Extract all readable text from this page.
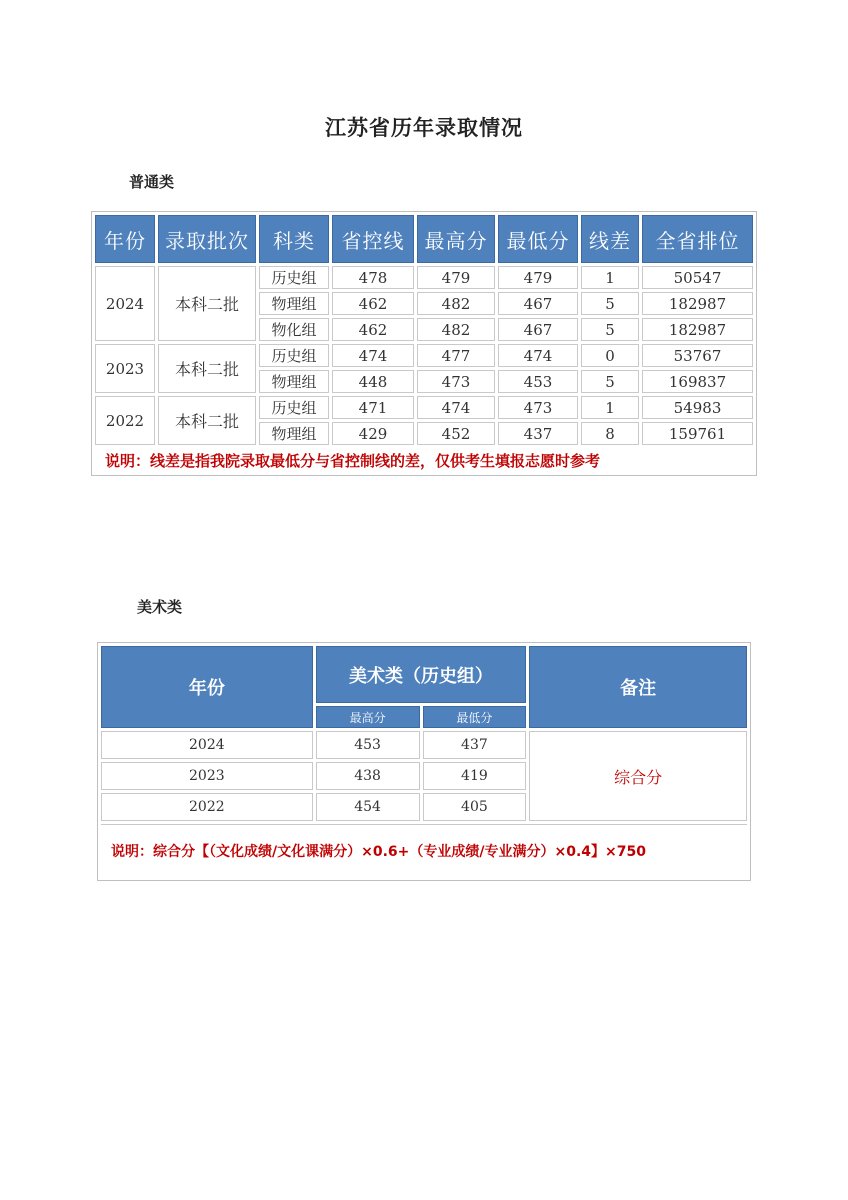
江苏省历年录取情况
普通类
年份	录取批次	科类	省控线	最高分	最低分	线差	全省排位
2024	本科二批	历史组	478	479	479	1	50547
		物理组	462	482	467	5	182987
		物化组	462	482	467	5	182987
2023	本科二批	历史组	474	477	474	0	53767
		物理组	448	473	453	5	169837
2022	本科二批	历史组	471	474	473	1	54983
		物理组	429	452	437	8	159761
说明：线差是指我院录取最低分与省控制线的差，仅供考生填报志愿时参考							
美术类
年份	美术类（历史组）		备注
	最高分	最低分	
2024	453	437	综合分
2023	438	419	
2022	454	405	
说明：综合分【（文化成绩/文化课满分）×0.6+（专业成绩/专业满分）×0.4】×750			
